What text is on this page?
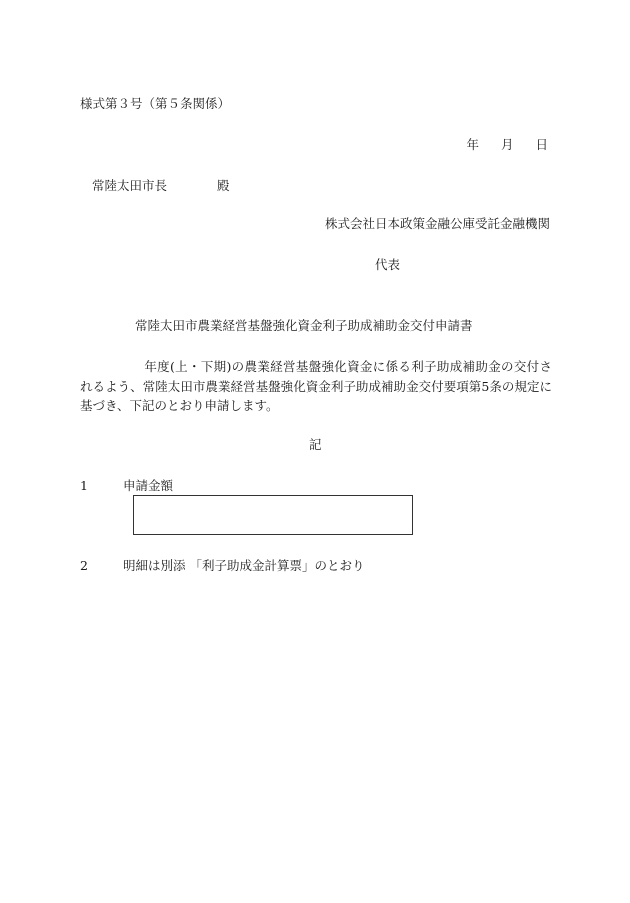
様式第３号（第５条関係）
年 月 日
常陸太田市長	殿
株式会社日本政策金融公庫受託金融機関
代表
常陸太田市農業経営基盤強化資金利子助成補助金交付申請書
年度(上・下期)の農業経営基盤強化資金に係る利子助成補助金の交付されるよう、常陸太田市農業経営基盤強化資金利子助成補助金交付要項第5条の規定に基づき、下記のとおり申請します。
記
1	申請金額
2	明細は別添 「利子助成金計算票」のとおり
